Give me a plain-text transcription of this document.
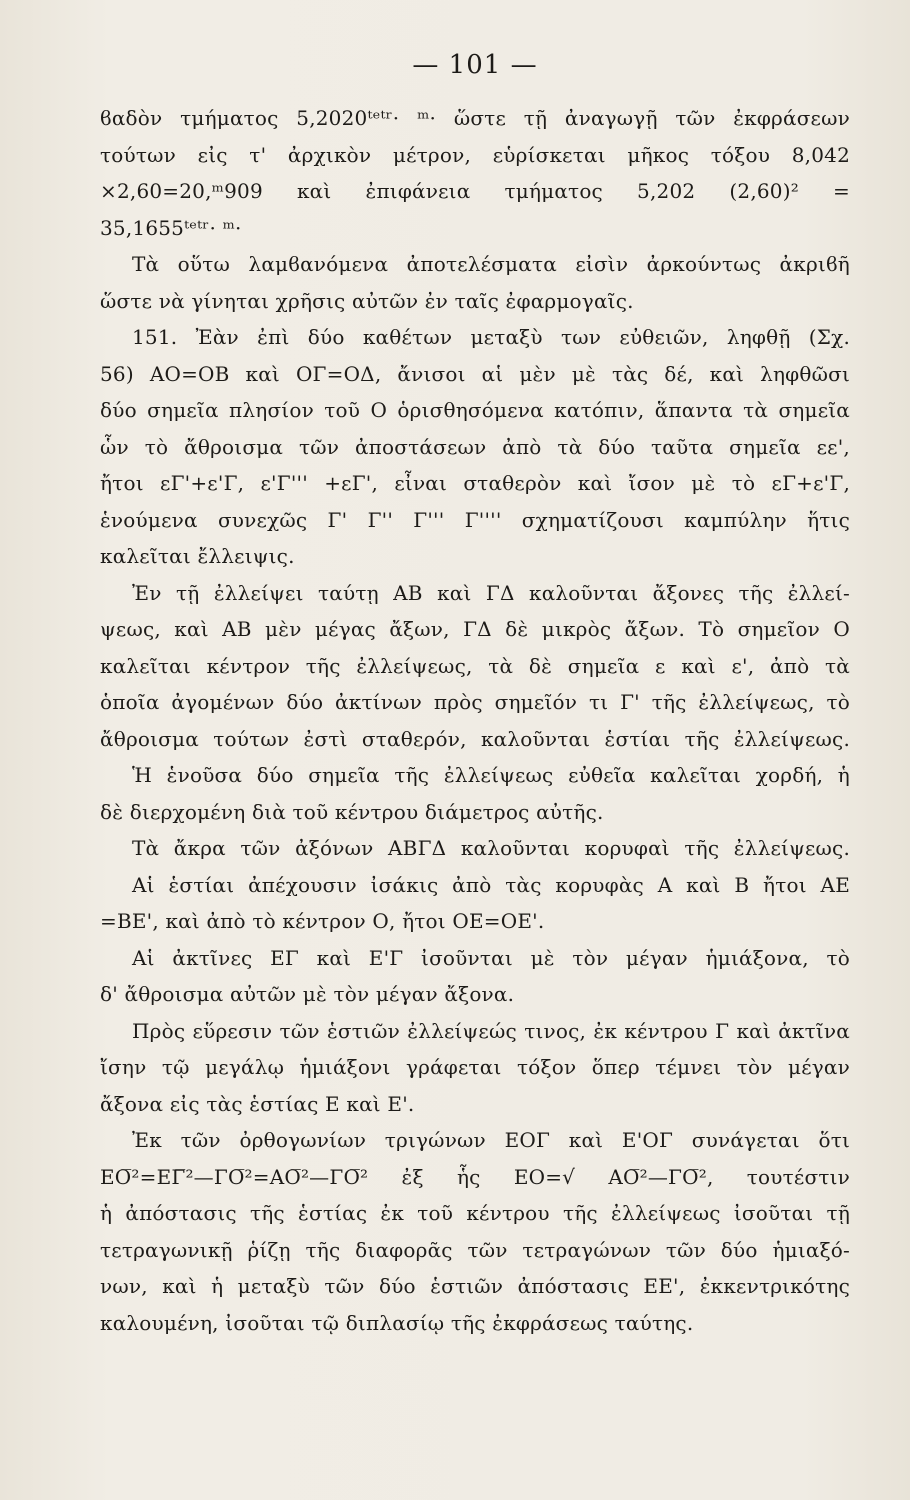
— 101 —
ϐαδὸν τμήματος 5,2020ᵗᵉᵗʳ· ᵐ· ὥστε τῇ ἀναγωγῇ τῶν ἐκφράσεων
τούτων εἰς τ' ἀρχικὸν μέτρον, εὑρίσκεται μῆκος τόξου 8,042
×2,60=20,ᵐ909 καὶ ἐπιφάνεια τμήματος 5,202 (2,60)² =
35,1655ᵗᵉᵗʳ· ᵐ·
Τὰ οὕτω λαμϐανόμενα ἀποτελέσματα εἰσὶν ἀρκούντως ἀκριϐῆ
ὥστε νὰ γίνηται χρῆσις αὐτῶν ἐν ταῖς ἐφαρμογαῖς.
151. Ἐὰν ἐπὶ δύο καθέτων μεταξὺ των εὐθειῶν, ληφθῇ (Σχ.
56) ΑΟ=ΟΒ καὶ ΟΓ=ΟΔ, ἄνισοι αἱ μὲν μὲ τὰς δέ, καὶ ληφθῶσι
δύο σημεῖα πλησίον τοῦ Ο ὁρισθησόμενα κατόπιν, ἅπαντα τὰ σημεῖα
ὧν τὸ ἄθροισμα τῶν ἀποστάσεων ἀπὸ τὰ δύο ταῦτα σημεῖα εε',
ἤτοι εΓ'+ε'Γ, ε'Γ''' +εΓ', εἶναι σταθερὸν καὶ ἴσον μὲ τὸ εΓ+ε'Γ,
ἑνούμενα συνεχῶς Γ' Γ'' Γ''' Γ'''' σχηματίζουσι καμπύλην ἥτις
καλεῖται ἔλλειψις.
Ἐν τῇ ἐλλείψει ταύτῃ ΑΒ καὶ ΓΔ καλοῦνται ἄξονες τῆς ἐλλεί-
ψεως, καὶ ΑΒ μὲν μέγας ἄξων, ΓΔ δὲ μικρὸς ἄξων. Τὸ σημεῖον Ο
καλεῖται κέντρον τῆς ἐλλείψεως, τὰ δὲ σημεῖα ε καὶ ε', ἀπὸ τὰ
ὁποῖα ἀγομένων δύο ἀκτίνων πρὸς σημεῖόν τι Γ' τῆς ἐλλείψεως, τὸ
ἄθροισμα τούτων ἐστὶ σταθερόν, καλοῦνται ἑστίαι τῆς ἐλλείψεως.
Ἡ ἑνοῦσα δύο σημεῖα τῆς ἐλλείψεως εὐθεῖα καλεῖται χορδή, ἡ
δὲ διερχομένη διὰ τοῦ κέντρου διάμετρος αὐτῆς.
Τὰ ἄκρα τῶν ἀξόνων ΑΒΓΔ καλοῦνται κορυφαὶ τῆς ἐλλείψεως.
Αἱ ἑστίαι ἀπέχουσιν ἰσάκις ἀπὸ τὰς κορυφὰς Α καὶ Β ἤτοι ΑΕ
=ΒΕ', καὶ ἀπὸ τὸ κέντρον Ο, ἤτοι ΟΕ=ΟΕ'.
Αἱ ἀκτῖνες ΕΓ καὶ Ε'Γ ἰσοῦνται μὲ τὸν μέγαν ἡμιάξονα, τὸ
δ' ἄθροισμα αὐτῶν μὲ τὸν μέγαν ἄξονα.
Πρὸς εὕρεσιν τῶν ἑστιῶν ἐλλείψεώς τινος, ἐκ κέντρου Γ καὶ ἀκτῖνα
ἴσην τῷ μεγάλῳ ἡμιάξονι γράφεται τόξον ὅπερ τέμνει τὸν μέγαν
ἄξονα εἰς τὰς ἑστίας Ε καὶ Ε'.
Ἐκ τῶν ὀρθογωνίων τριγώνων ΕΟΓ καὶ Ε'ΟΓ συνάγεται ὅτι
ΕΟ̅²=ΕΓ̅²—ΓΟ̅²=ΑΟ̅²—ΓΟ̅² ἐξ ἧς ΕΟ=√ ΑΟ̅²—ΓΟ̅², τουτέστιν
ἡ ἀπόστασις τῆς ἑστίας ἐκ τοῦ κέντρου τῆς ἐλλείψεως ἰσοῦται τῇ
τετραγωνικῇ ῥίζῃ τῆς διαφορᾶς τῶν τετραγώνων τῶν δύο ἡμιαξό-
νων, καὶ ἡ μεταξὺ τῶν δύο ἑστιῶν ἀπόστασις ΕΕ', ἐκκεντρικότης
καλουμένη, ἰσοῦται τῷ διπλασίῳ τῆς ἐκφράσεως ταύτης.
